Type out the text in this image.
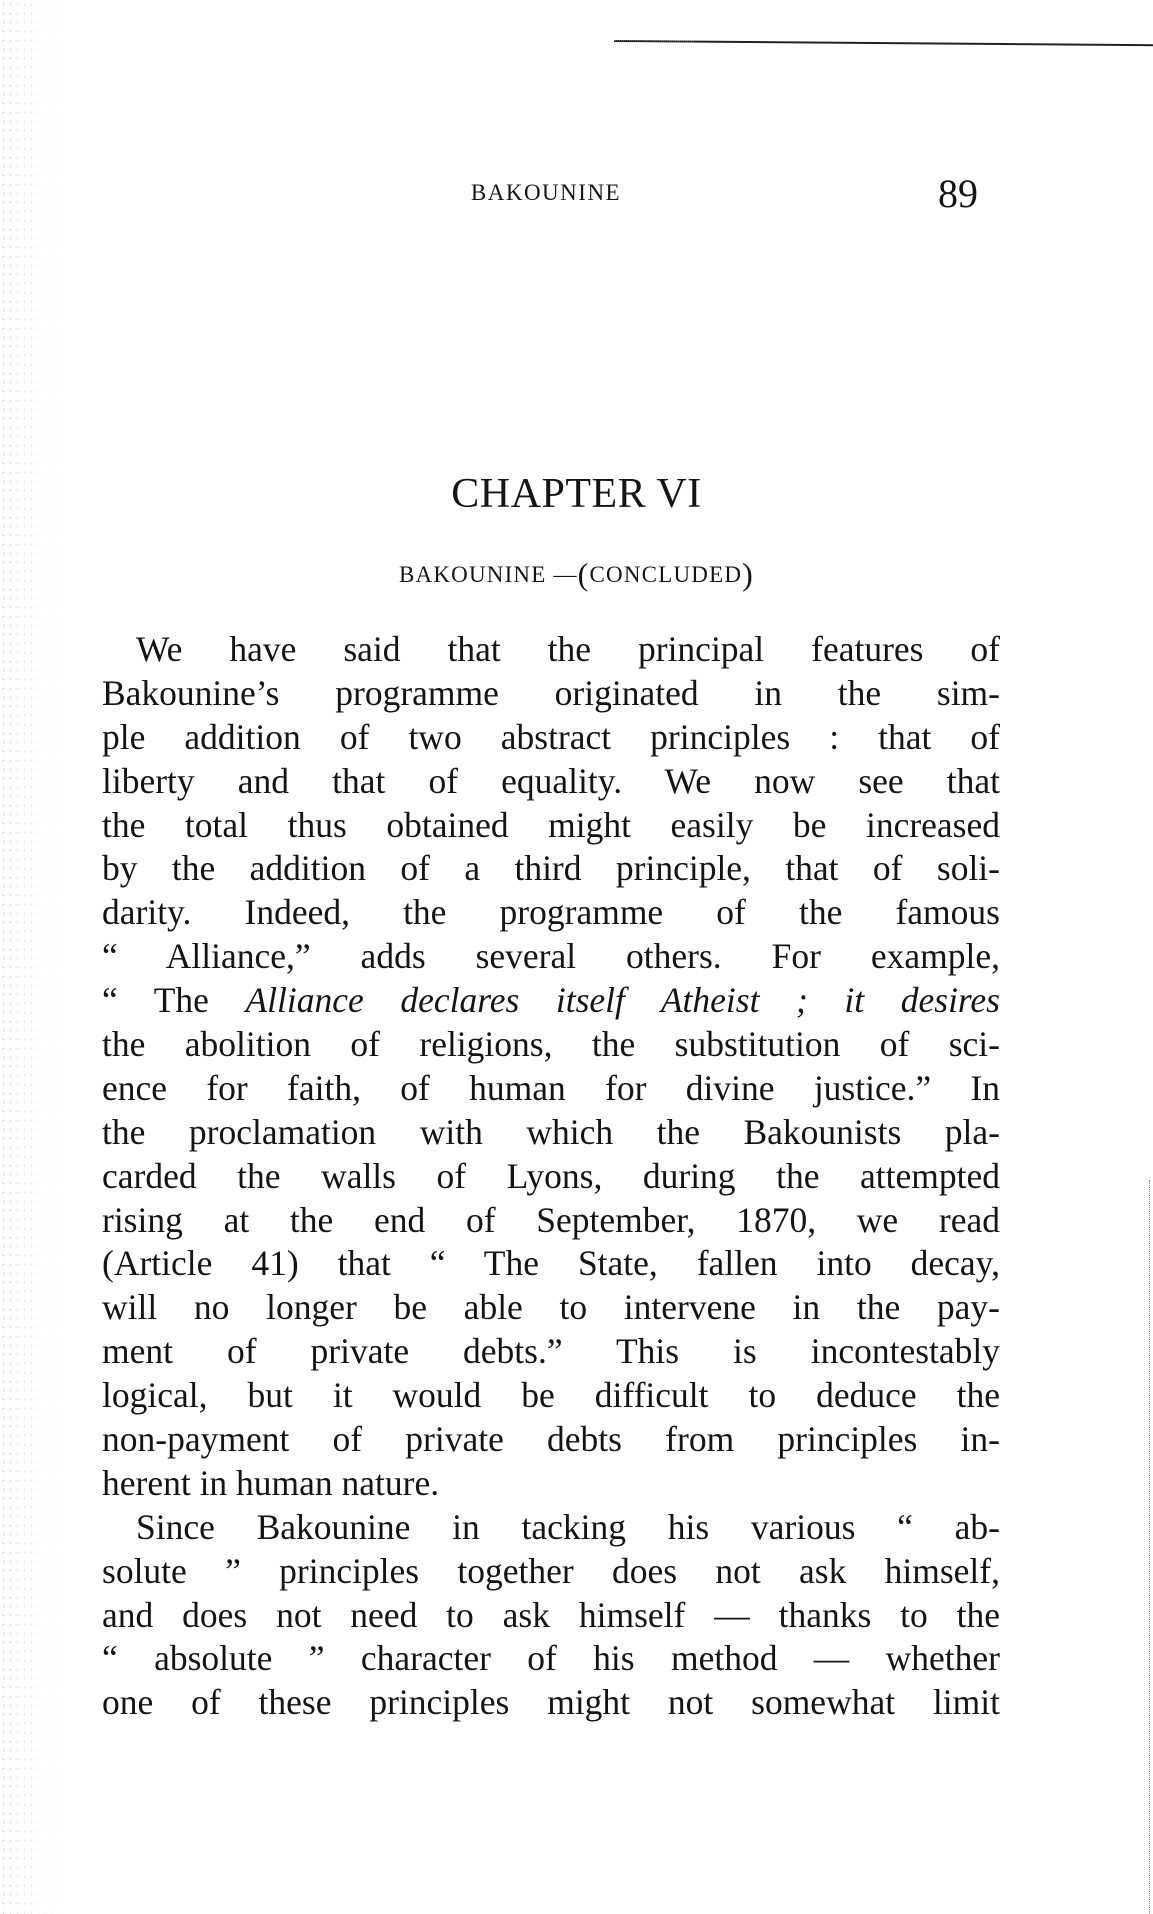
BAKOUNINE	89
CHAPTER VI
BAKOUNINE —(CONCLUDED)
We have said that the principal features of
Bakounine’s programme originated in the sim-
ple addition of two abstract principles : that of
liberty and that of equality. We now see that
the total thus obtained might easily be increased
by the addition of a third principle, that of soli-
darity. Indeed, the programme of the famous
“ Alliance,” adds several others. For example,
“ The Alliance declares itself Atheist ; it desires
the abolition of religions, the substitution of sci-
ence for faith, of human for divine justice.” In
the proclamation with which the Bakounists pla-
carded the walls of Lyons, during the attempted
rising at the end of September, 1870, we read
(Article 41) that “ The State, fallen into decay,
will no longer be able to intervene in the pay-
ment of private debts.” This is incontestably
logical, but it would be difficult to deduce the
non-payment of private debts from principles in-
herent in human nature.
Since Bakounine in tacking his various “ ab-
solute ” principles together does not ask himself,
and does not need to ask himself — thanks to the
“ absolute ” character of his method — whether
one of these principles might not somewhat limit
